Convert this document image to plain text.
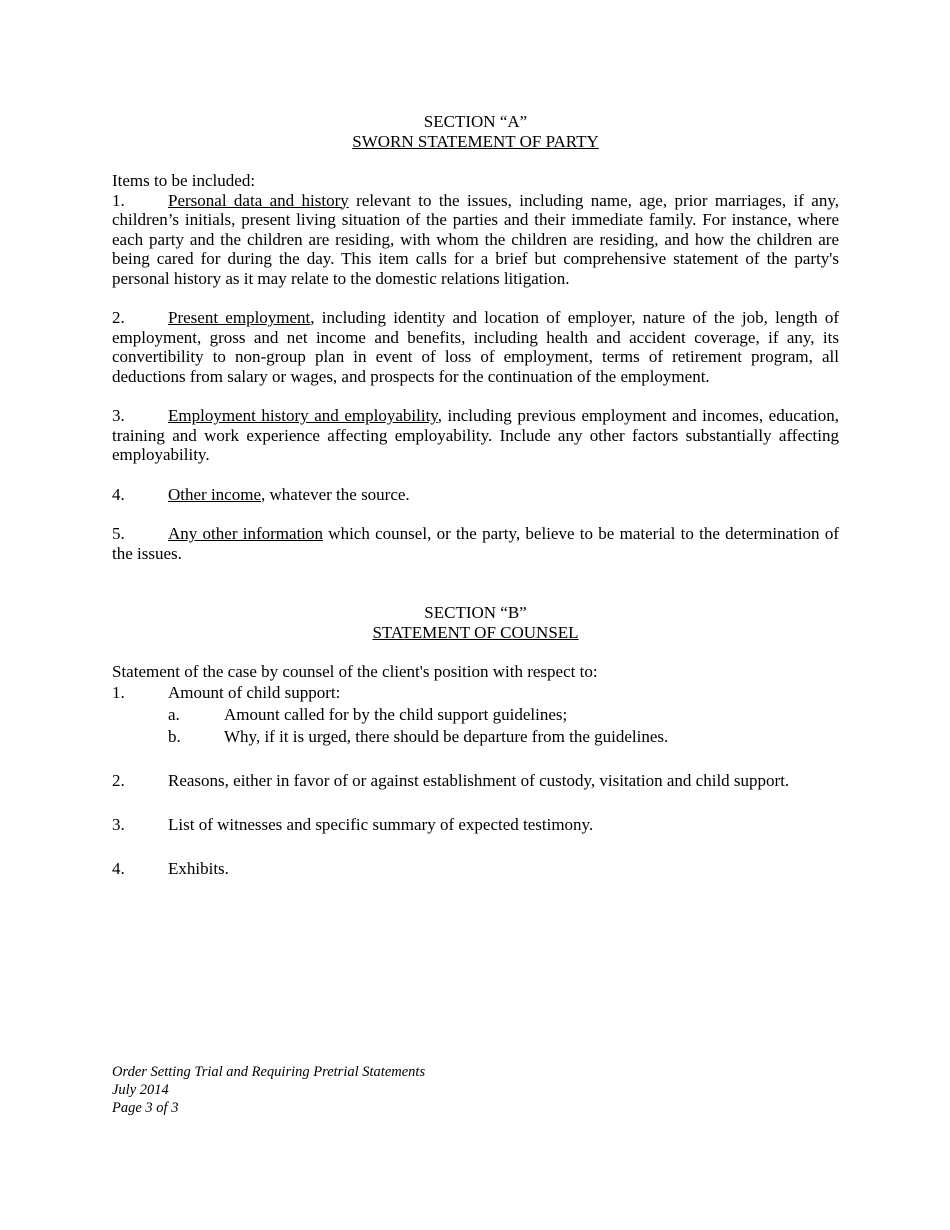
SECTION “A”
SWORN STATEMENT OF PARTY
Items to be included:

1.	Personal data and history relevant to the issues, including name, age, prior marriages, if any, children’s initials, present living situation of the parties and their immediate family. For instance, where each party and the children are residing, with whom the children are residing, and how the children are being cared for during the day. This item calls for a brief but comprehensive statement of the party's personal history as it may relate to the domestic relations litigation.

2.	Present employment, including identity and location of employer, nature of the job, length of employment, gross and net income and benefits, including health and accident coverage, if any, its convertibility to non-group plan in event of loss of employment, terms of retirement program, all deductions from salary or wages, and prospects for the continuation of the employment.

3.	Employment history and employability, including previous employment and incomes, education, training and work experience affecting employability. Include any other factors substantially affecting employability.

4.	Other income, whatever the source.

5.	Any other information which counsel, or the party, believe to be material to the determination of the issues.

SECTION “B”
STATEMENT OF COUNSEL
Statement of the case by counsel of the client's position with respect to:
1.	Amount of child support:
a.	Amount called for by the child support guidelines;
b.	Why, if it is urged, there should be departure from the guidelines.
2.	Reasons, either in favor of or against establishment of custody, visitation and child support.
3.	List of witnesses and specific summary of expected testimony.
4.	Exhibits.
Order Setting Trial and Requiring Pretrial Statements
July 2014
Page 3 of 3
